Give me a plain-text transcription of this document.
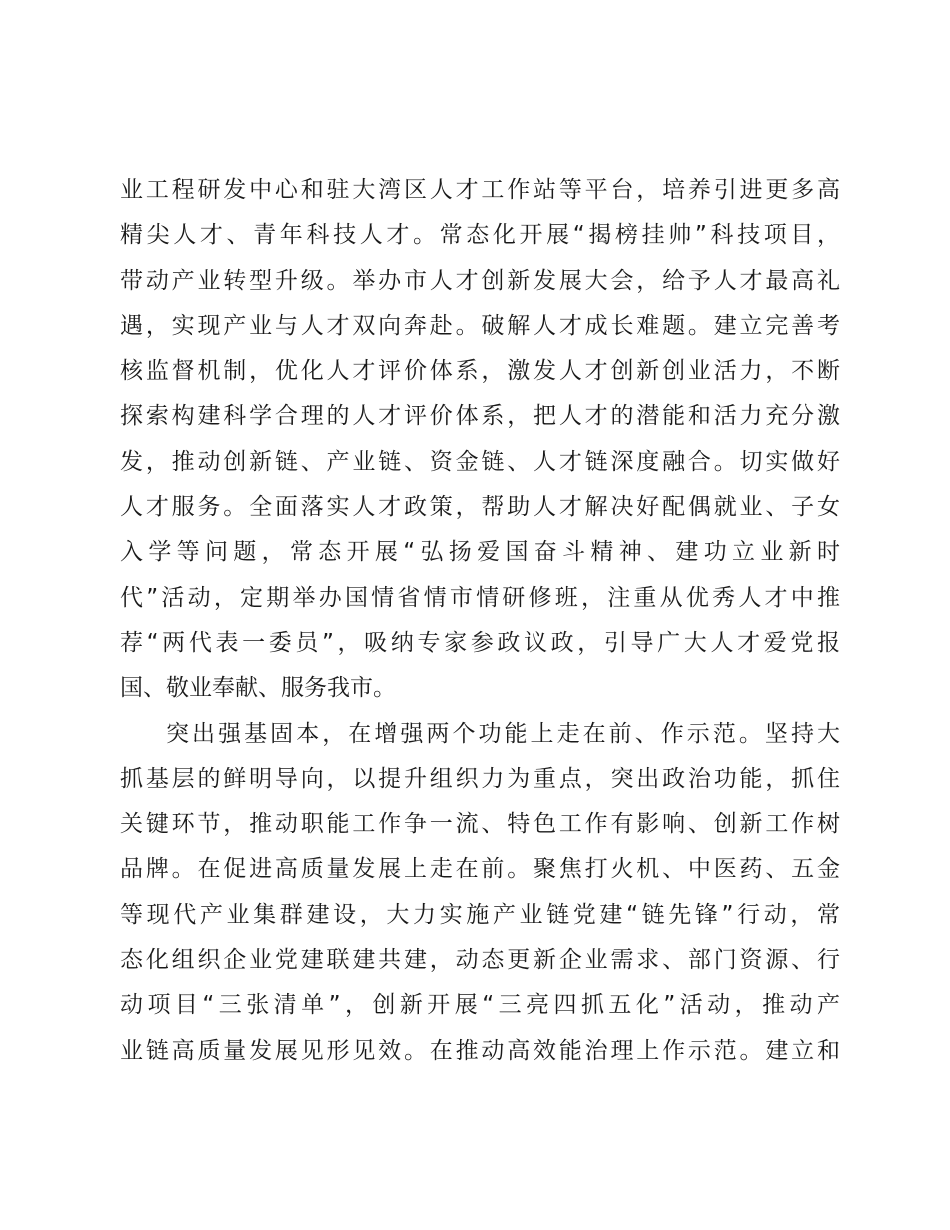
业工程研发中心和驻大湾区人才工作站等平台，培养引进更多高
精尖人才、青年科技人才。常态化开展“揭榜挂帅”科技项目，
带动产业转型升级。举办市人才创新发展大会，给予人才最高礼
遇，实现产业与人才双向奔赴。破解人才成长难题。建立完善考
核监督机制，优化人才评价体系，激发人才创新创业活力，不断
探索构建科学合理的人才评价体系，把人才的潜能和活力充分激
发，推动创新链、产业链、资金链、人才链深度融合。切实做好
人才服务。全面落实人才政策，帮助人才解决好配偶就业、子女
入学等问题，常态开展“弘扬爱国奋斗精神、建功立业新时
代”活动，定期举办国情省情市情研修班，注重从优秀人才中推
荐“两代表一委员”，吸纳专家参政议政，引导广大人才爱党报
国、敬业奉献、服务我市。
突出强基固本，在增强两个功能上走在前、作示范。坚持大
抓基层的鲜明导向，以提升组织力为重点，突出政治功能，抓住
关键环节，推动职能工作争一流、特色工作有影响、创新工作树
品牌。在促进高质量发展上走在前。聚焦打火机、中医药、五金
等现代产业集群建设，大力实施产业链党建“链先锋”行动，常
态化组织企业党建联建共建，动态更新企业需求、部门资源、行
动项目“三张清单”，创新开展“三亮四抓五化”活动，推动产
业链高质量发展见形见效。在推动高效能治理上作示范。建立和
